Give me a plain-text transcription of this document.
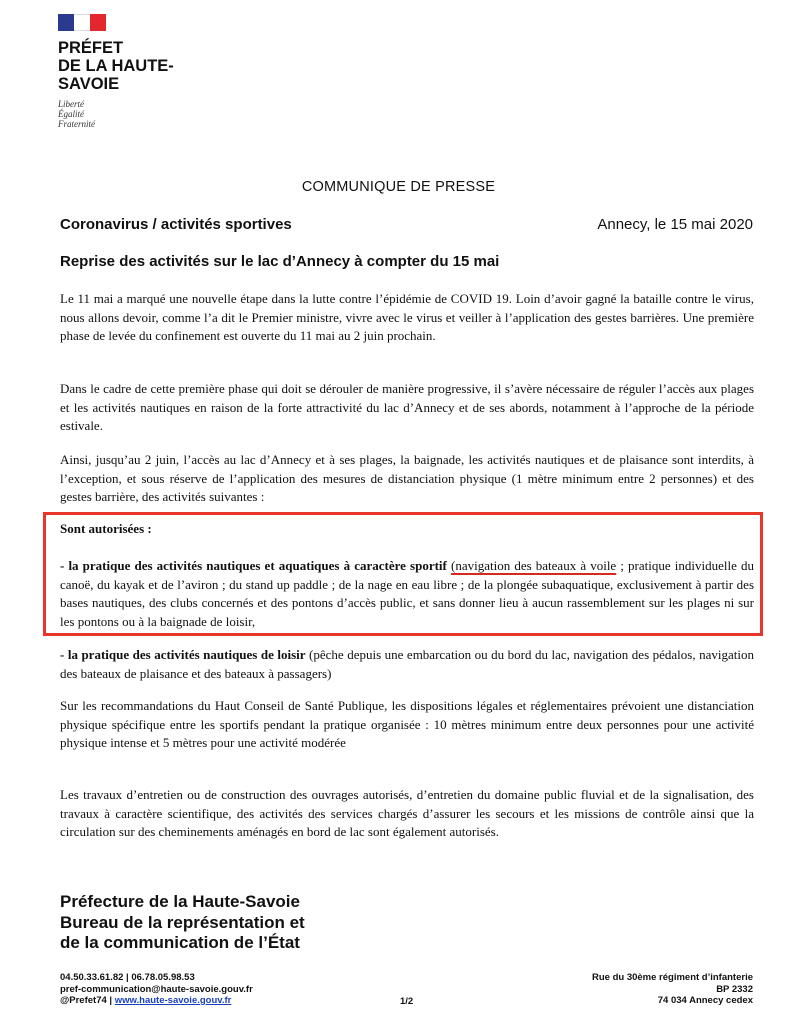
PRÉFET
DE LA HAUTE-
SAVOIE
Liberté
Égalité
Fraternité
COMMUNIQUE DE PRESSE
Coronavirus / activités sportives	Annecy, le 15 mai 2020
Reprise des activités sur le lac d’Annecy à compter du 15 mai
Le 11 mai a marqué une nouvelle étape dans la lutte contre l’épidémie de COVID 19. Loin d’avoir gagné la bataille contre le virus, nous allons devoir, comme l’a dit le Premier ministre, vivre avec le virus et veiller à l’application des gestes barrières. Une première phase de levée du confinement est ouverte du 11 mai au 2 juin prochain.
Dans le cadre de cette première phase qui doit se dérouler de manière progressive, il s’avère nécessaire de réguler l’accès aux plages et les activités nautiques en raison de la forte attractivité du lac d’Annecy et de ses abords, notamment à l’approche de la période estivale.
Ainsi, jusqu’au 2 juin, l’accès au lac d’Annecy et à ses plages, la baignade, les activités nautiques et de plaisance sont interdits, à l’exception, et sous réserve de l’application des mesures de distanciation physique (1 mètre minimum entre 2 personnes) et des gestes barrière, des activités suivantes :
Sont autorisées :
- la pratique des activités nautiques et aquatiques à caractère sportif (navigation des bateaux à voile ; pratique individuelle du canoë, du kayak et de l’aviron ; du stand up paddle ; de la nage en eau libre ; de la plongée subaquatique, exclusivement à partir des bases nautiques, des clubs concernés et des pontons d’accès public, et sans donner lieu à aucun rassemblement sur les plages ni sur les pontons ou à la baignade de loisir,
- la pratique des activités nautiques de loisir (pêche depuis une embarcation ou du bord du lac, navigation des pédalos, navigation des bateaux de plaisance et des bateaux à passagers)
Sur les recommandations du Haut Conseil de Santé Publique, les dispositions légales et réglementaires prévoient une distanciation physique spécifique entre les sportifs pendant la pratique organisée : 10 mètres minimum entre deux personnes pour une activité physique intense et 5 mètres pour une activité modérée
Les travaux d’entretien ou de construction des ouvrages autorisés, d’entretien du domaine public fluvial et de la signalisation, des travaux à caractère scientifique, des activités des services chargés d’assurer les secours et les missions de contrôle ainsi que la circulation sur des cheminements aménagés en bord de lac sont également autorisés.
Préfecture de la Haute-Savoie
Bureau de la représentation et
de la communication de l’État
04.50.33.61.82 | 06.78.05.98.53
pref-communication@haute-savoie.gouv.fr
@Prefet74 | www.haute-savoie.gouv.fr	1/2
Rue du 30ème régiment d’infanterie
BP 2332
74 034 Annecy cedex
